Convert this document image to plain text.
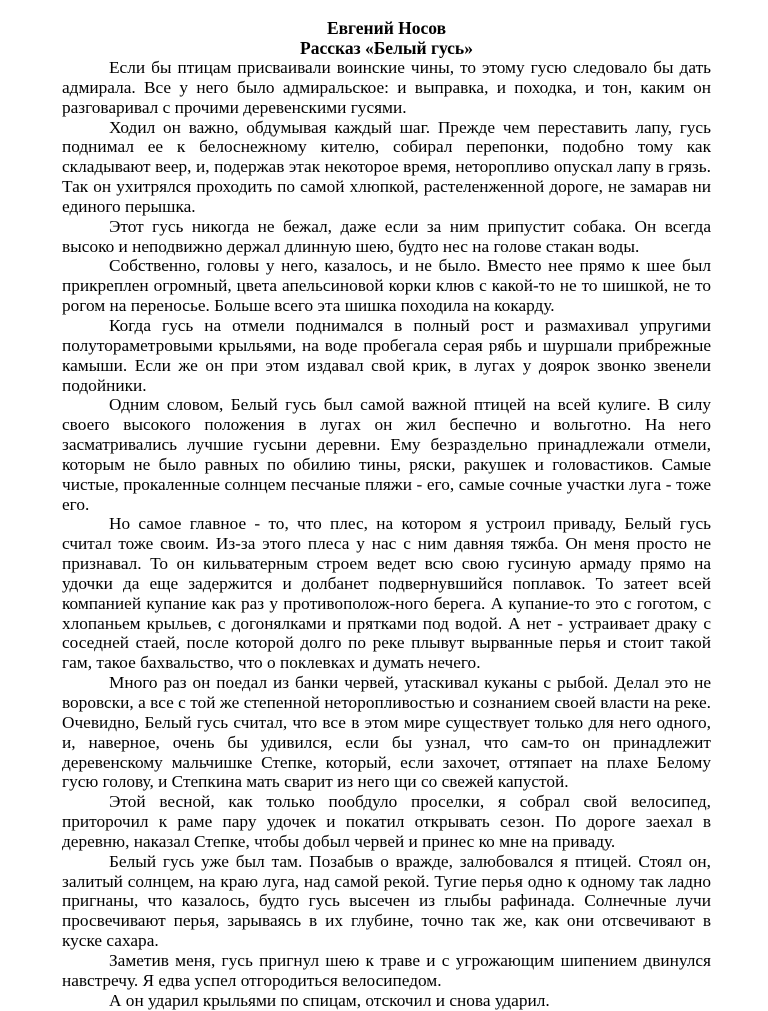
Евгений Носов
Рассказ «Белый гусь»

Если бы птицам присваивали воинские чины, то этому гусю следовало бы дать адмирала. Все у него было адмиральское: и выправка, и походка, и тон, каким он разговаривал с прочими деревенскими гусями.

Ходил он важно, обдумывая каждый шаг. Прежде чем переставить лапу, гусь поднимал ее к белоснежному кителю, собирал перепонки, подобно тому как складывают веер, и, подержав этак некоторое время, неторопливо опускал лапу в грязь. Так он ухитрялся проходить по самой хлюпкой, растеленженной дороге, не замарав ни единого перышка.

Этот гусь никогда не бежал, даже если за ним припустит собака. Он всегда высоко и неподвижно держал длинную шею, будто нес на голове стакан воды.

Собственно, головы у него, казалось, и не было. Вместо нее прямо к шее был прикреплен огромный, цвета апельсиновой корки клюв с какой-то не то шишкой, не то рогом на переносье. Больше всего эта шишка походила на кокарду.

Когда гусь на отмели поднимался в полный рост и размахивал упругими полутораметровыми крыльями, на воде пробегала серая рябь и шуршали прибрежные камыши. Если же он при этом издавал свой крик, в лугах у доярок звонко звенели подойники.

Одним словом, Белый гусь был самой важной птицей на всей кулиге. В силу своего высокого положения в лугах он жил беспечно и вольготно. На него засматривались лучшие гусыни деревни. Ему безраздельно принадлежали отмели, которым не было равных по обилию тины, ряски, ракушек и головастиков. Самые чистые, прокаленные солнцем песчаные пляжи - его, самые сочные участки луга - тоже его.

Но самое главное - то, что плес, на котором я устроил приваду, Белый гусь считал тоже своим. Из-за этого плеса у нас с ним давняя тяжба. Он меня просто не признавал. То он кильватерным строем ведет всю свою гусиную армаду прямо на удочки да еще задержится и долбанет подвернувшийся поплавок. То затеет всей компанией купание как раз у противополож-ного берега. А купание-то это с гоготом, с хлопаньем крыльев, с догонялками и прятками под водой. А нет - устраивает драку с соседней стаей, после которой долго по реке плывут вырванные перья и стоит такой гам, такое бахвальство, что о поклевках и думать нечего.

Много раз он поедал из банки червей, утаскивал куканы с рыбой. Делал это не воровски, а все с той же степенной неторопливостью и сознанием своей власти на реке. Очевидно, Белый гусь считал, что все в этом мире существует только для него одного, и, наверное, очень бы удивился, если бы узнал, что сам-то он принадлежит деревенскому мальчишке Степке, который, если захочет, оттяпает на плахе Белому гусю голову, и Степкина мать сварит из него щи со свежей капустой.

Этой весной, как только пообдулo проселки, я собрал свой велосипед, приторочил к раме пару удочек и покатил открывать сезон. По дороге заехал в деревню, наказал Степке, чтобы добыл червей и принес ко мне на приваду.

Белый гусь уже был там. Позабыв о вражде, залюбовался я птицей. Стоял он, залитый солнцем, на краю луга, над самой рекой. Тугие перья одно к одному так ладно пригнаны, что казалось, будто гусь высечен из глыбы рафинада. Солнечные лучи просвечивают перья, зарываясь в их глубине, точно так же, как они отсвечивают в куске сахара.

Заметив меня, гусь пригнул шею к траве и с угрожающим шипением двинулся навстречу. Я едва успел отгородиться велосипедом.

А он ударил крыльями по спицам, отскочил и снова ударил.
